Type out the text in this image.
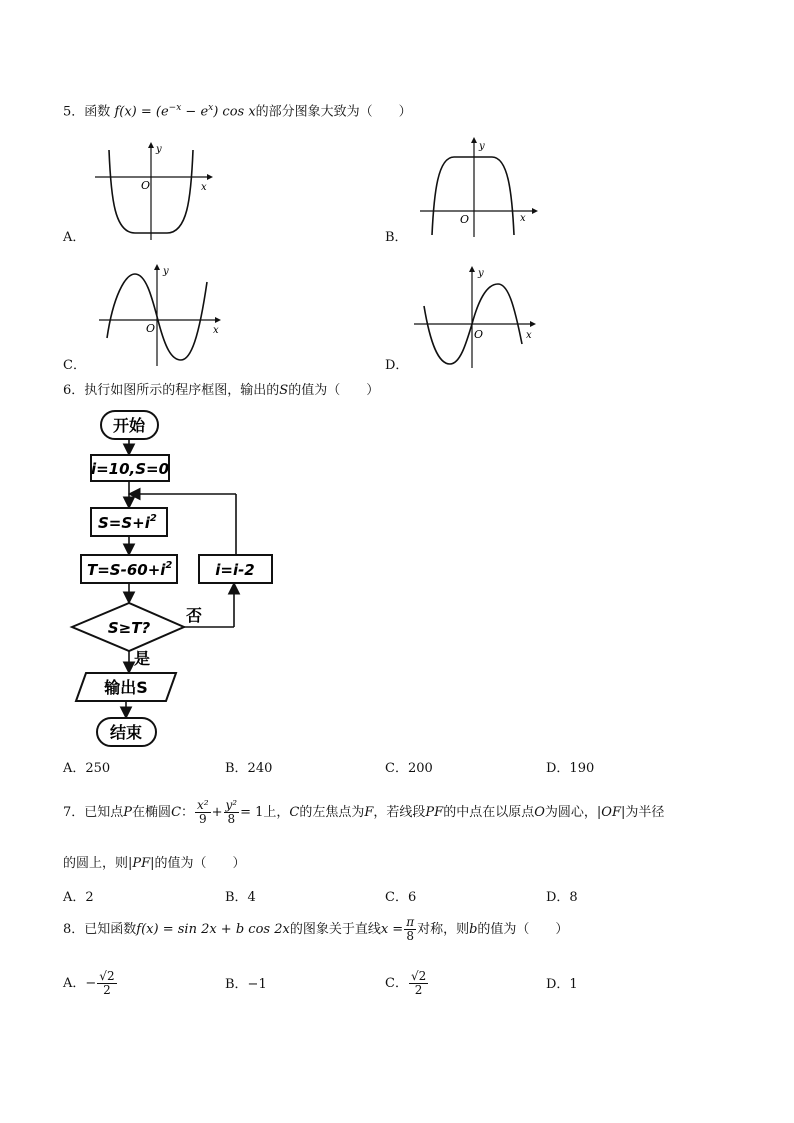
5．函数 $f(x) = (e^{-x} - e^x)$ cos x的部分图象大致为（　　）
x
y
O
A．
x
y
O
B．
x
y
O
C．
x
y
O
D．
6．执行如图所示的程序框图，输出的S的值为（　　）
开始
i=10,S=0
$S=S+i^2$
$T=S-60+i^2$	i=i-2
S≥T?
否
是
输出S
结束
A．250	B．240	C．200	D．190
7．已知点P在椭圆C： $\frac{\text{x²}}{9} + \frac{\text{y²}}{8} = 1$上，C的左焦点为F，若线段PF的中点在以原点O为圆心，|OF|为半径
的圆上，则|PF|的值为（　　）
A．2	B．4	C．6	D．8
8．已知函数f(x) = sin 2x + b cos 2x的图象关于直线$x = \frac{\pi}{8}$ 对称，则b的值为（　　）
A．− $\frac{√2}{2}$	B．−1	C． $\frac{√2}{2}$	D．1
